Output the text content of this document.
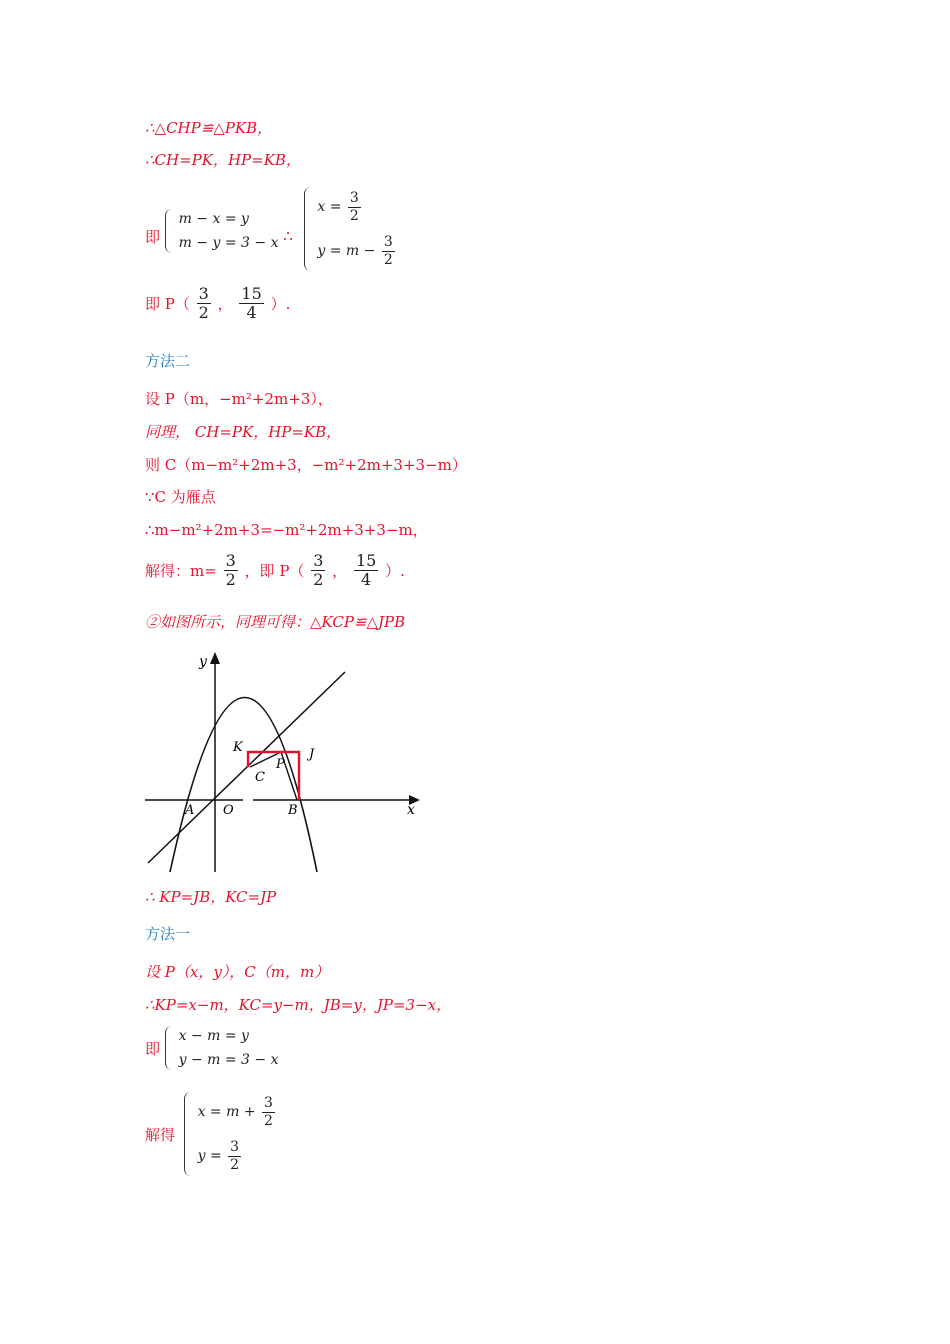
∴△CHP≌△PKB，
∴CH=PK，HP=KB，
即
m − x = y
m − y = 3 − x ∴
$x = \frac{3}{2}$
$y = m - \frac{3}{2}$
即 $P( \frac{3}{2}$ ， $\frac{15}{4}$ ）.
方法二
设 P（m，−m²+2m+3），
同理， CH=PK，HP=KB，
则 C（m−m²+2m+3，−m²+2m+3+3−m）
∵C 为雁点
∴m−m²+2m+3=−m²+2m+3+3−m，
解得：$m= \frac{3}{2}$ ，即 $P( \frac{3}{2}$ ， $\frac{15}{4}$ ）.
②如图所示，同理可得：△KCP≌△JPB
y
x
K	J
P
C
A O	B
∴ KP=JB，KC=JP
方法一
设 P（x，y），C（m，m）
∴KP=x−m，KC=y−m，JB=y，JP=3−x，
即
x − m = y
y − m = 3 − x
解得
$x = m + \frac{3}{2}$
$y = \frac{3}{2}$
